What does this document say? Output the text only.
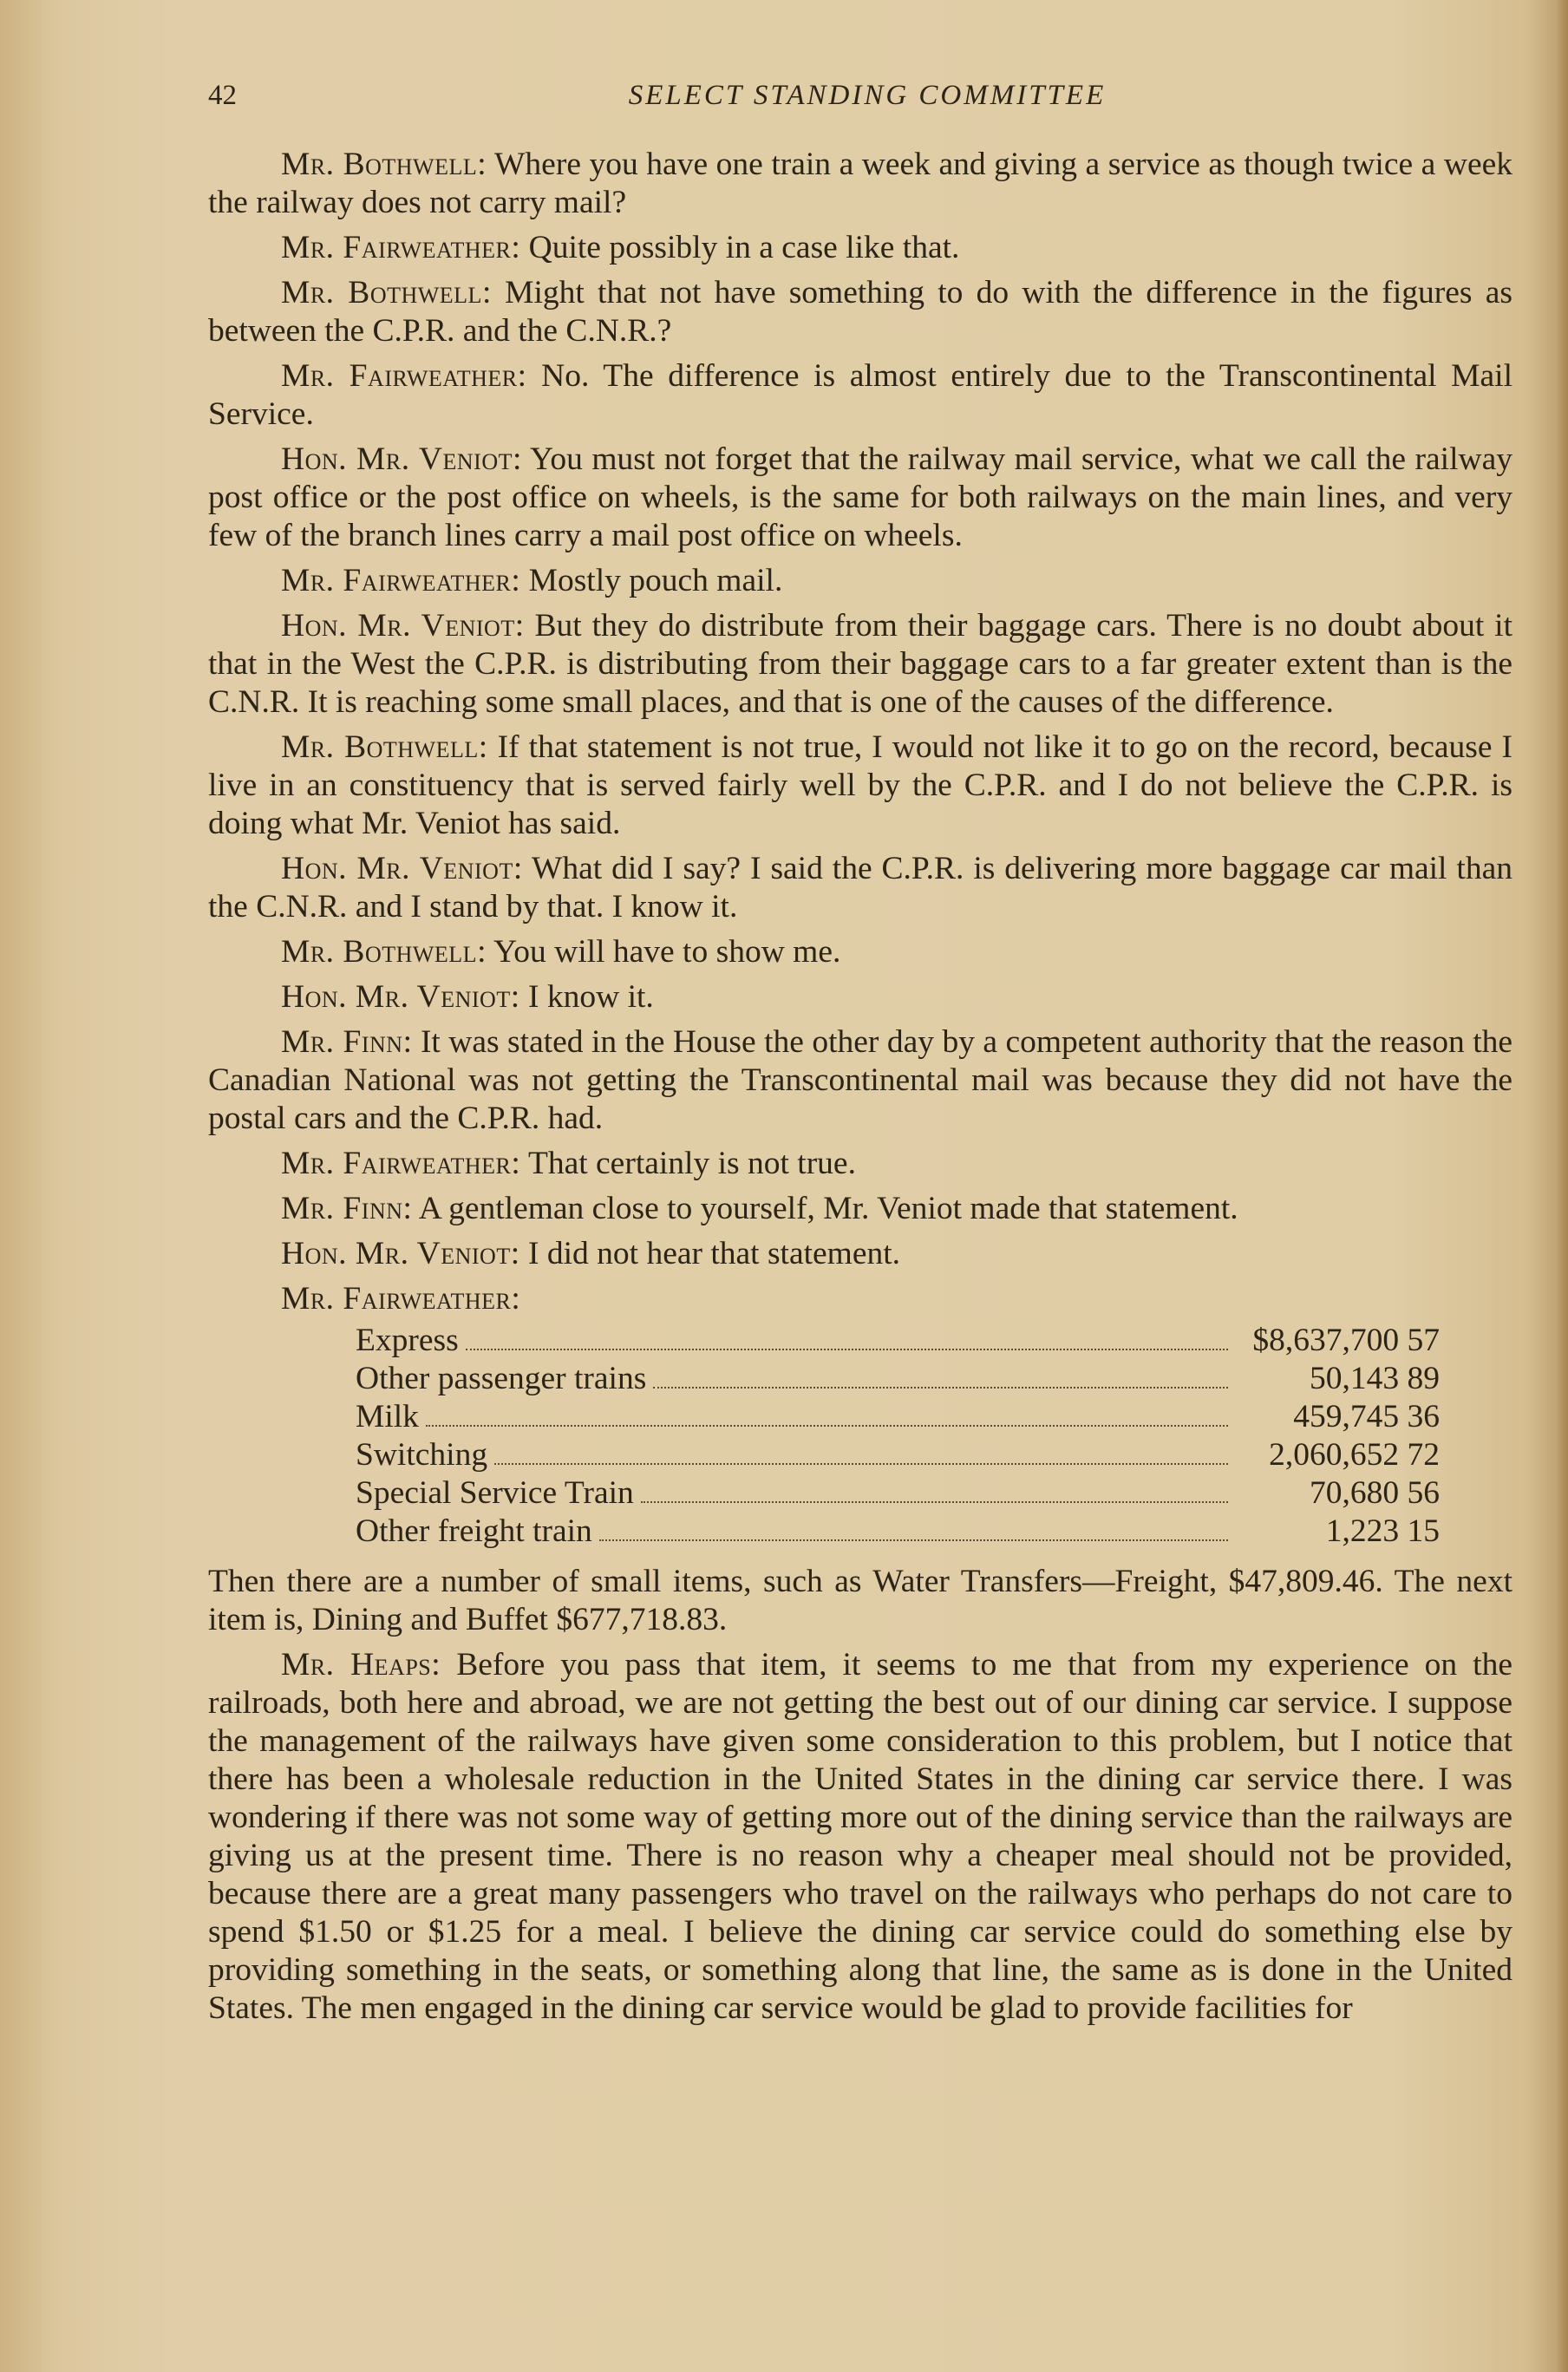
42	SELECT STANDING COMMITTEE

Mr. Bothwell: Where you have one train a week and giving a service as though twice a week the railway does not carry mail?

Mr. Fairweather: Quite possibly in a case like that.

Mr. Bothwell: Might that not have something to do with the difference in the figures as between the C.P.R. and the C.N.R.?

Mr. Fairweather: No. The difference is almost entirely due to the Transcontinental Mail Service.

Hon. Mr. Veniot: You must not forget that the railway mail service, what we call the railway post office or the post office on wheels, is the same for both railways on the main lines, and very few of the branch lines carry a mail post office on wheels.

Mr. Fairweather: Mostly pouch mail.

Hon. Mr. Veniot: But they do distribute from their baggage cars. There is no doubt about it that in the West the C.P.R. is distributing from their baggage cars to a far greater extent than is the C.N.R. It is reaching some small places, and that is one of the causes of the difference.

Mr. Bothwell: If that statement is not true, I would not like it to go on the record, because I live in an constituency that is served fairly well by the C.P.R. and I do not believe the C.P.R. is doing what Mr. Veniot has said.

Hon. Mr. Veniot: What did I say? I said the C.P.R. is delivering more baggage car mail than the C.N.R. and I stand by that. I know it.

Mr. Bothwell: You will have to show me.

Hon. Mr. Veniot: I know it.

Mr. Finn: It was stated in the House the other day by a competent authority that the reason the Canadian National was not getting the Transcontinental mail was because they did not have the postal cars and the C.P.R. had.

Mr. Fairweather: That certainly is not true.

Mr. Finn: A gentleman close to yourself, Mr. Veniot made that statement.

Hon. Mr. Veniot: I did not hear that statement.

Mr. Fairweather:

Express	$8,637,700 57
Other passenger trains	50,143 89
Milk	459,745 36
Switching	2,060,652 72
Special Service Train	70,680 56
Other freight train	1,223 15

Then there are a number of small items, such as Water Transfers—Freight, $47,809.46. The next item is, Dining and Buffet $677,718.83.

Mr. Heaps: Before you pass that item, it seems to me that from my experience on the railroads, both here and abroad, we are not getting the best out of our dining car service. I suppose the management of the railways have given some consideration to this problem, but I notice that there has been a wholesale reduction in the United States in the dining car service there. I was wondering if there was not some way of getting more out of the dining service than the railways are giving us at the present time. There is no reason why a cheaper meal should not be provided, because there are a great many passengers who travel on the railways who perhaps do not care to spend $1.50 or $1.25 for a meal. I believe the dining car service could do something else by providing something in the seats, or something along that line, the same as is done in the United States. The men engaged in the dining car service would be glad to provide facilities for
